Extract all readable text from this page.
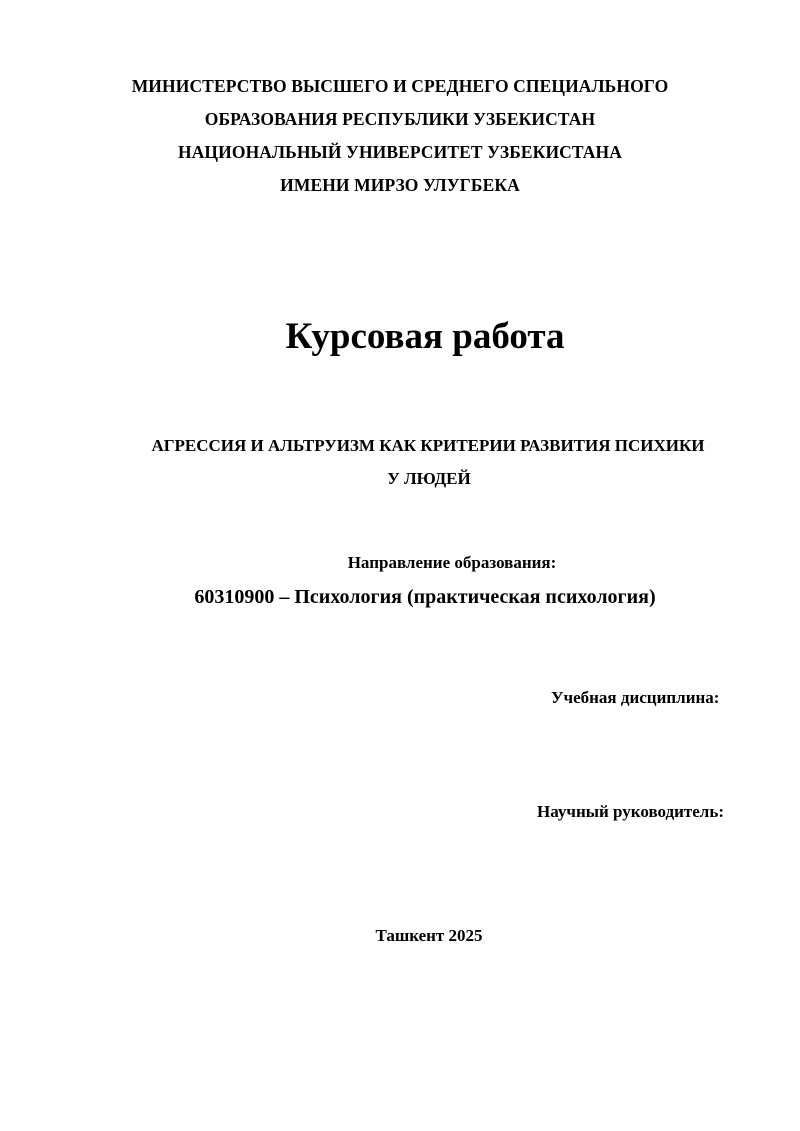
МИНИСТЕРСТВО ВЫСШЕГО И СРЕДНЕГО СПЕЦИАЛЬНОГО
ОБРАЗОВАНИЯ РЕСПУБЛИКИ УЗБЕКИСТАН
НАЦИОНАЛЬНЫЙ УНИВЕРСИТЕТ УЗБЕКИСТАНА
ИМЕНИ МИРЗО УЛУГБЕКА
Курсовая работа
АГРЕССИЯ И АЛЬТРУИЗМ КАК КРИТЕРИИ РАЗВИТИЯ ПСИХИКИ
У ЛЮДЕЙ
Направление образования:
60310900 – Психология (практическая психология)
Учебная дисциплина:
Научный руководитель:
Ташкент 2025
